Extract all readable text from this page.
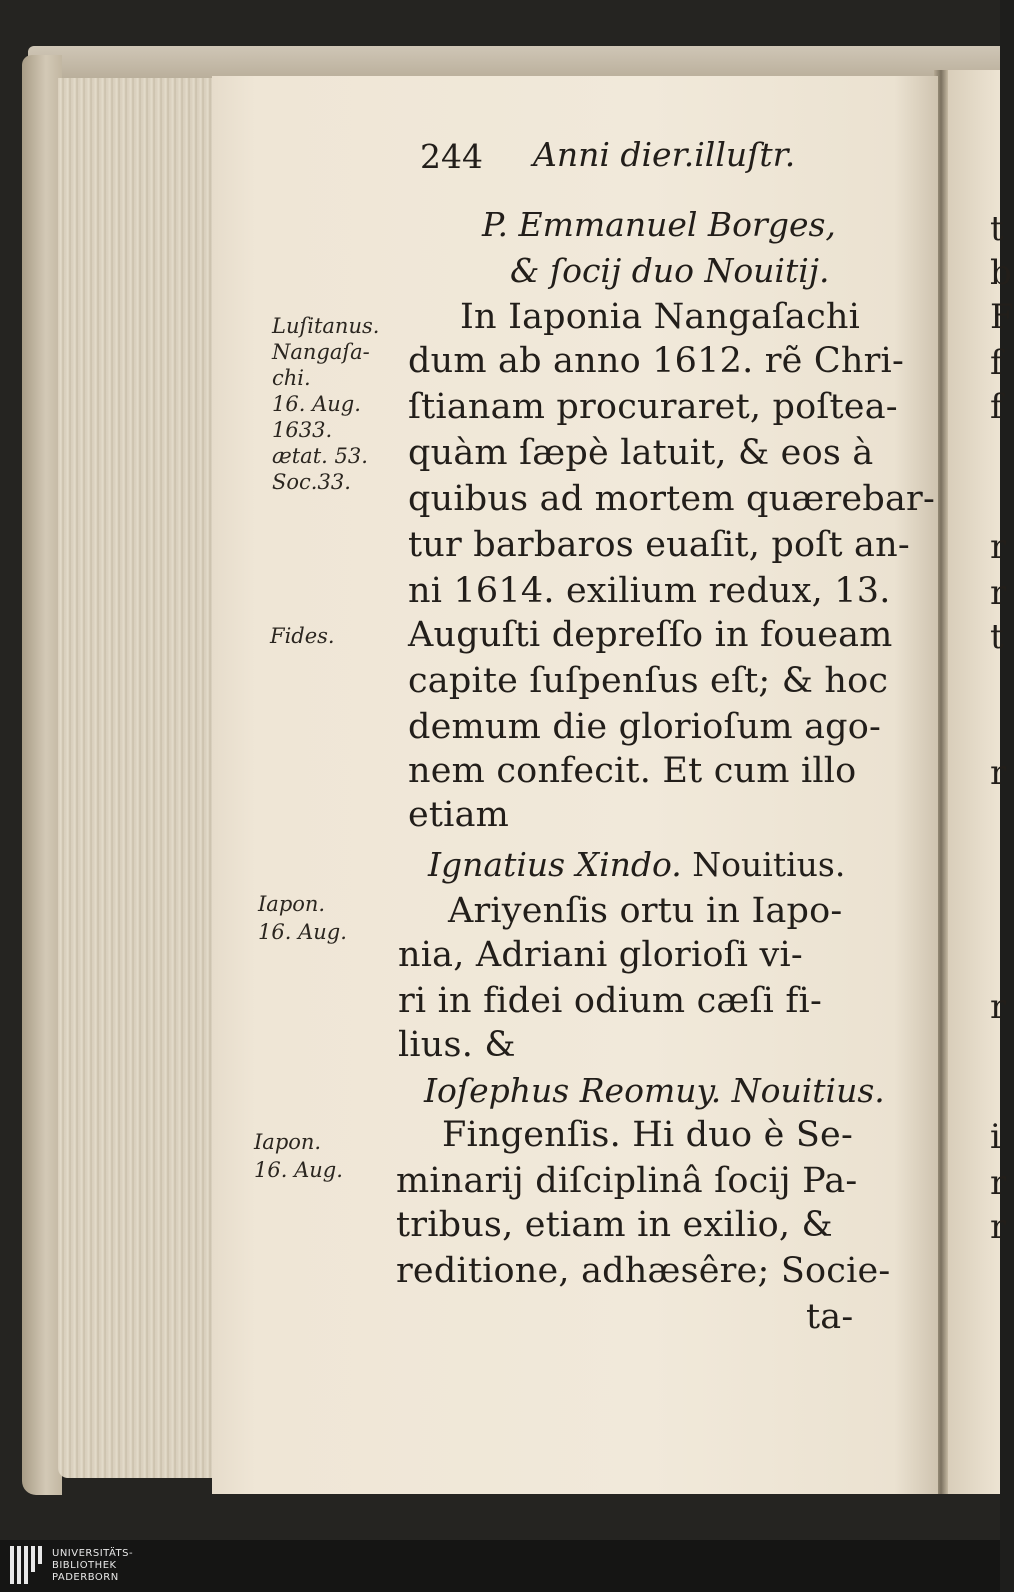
t
b
F
f
f
r
r
t
r
r
i
r
r
244 Anni dier.illuſtr.
P. Emmanuel Borges,
& ſocij duo Nouitij.
In Iaponia Nangaſachi
dum ab anno 1612. rẽ Chri-
ſtianam procuraret, poſtea-
quàm ſæpè latuit, & eos à
quibus ad mortem quærebar-
tur barbaros euaſit, poſt an-
ni 1614. exilium redux, 13.
Auguſti depreſſo in foueam
capite ſuſpenſus eſt; & hoc
demum die glorioſum ago-
nem confecit. Et cum illo
etiam
Luſitanus.
Nangaſa-
chi.
16. Aug.
1633.
ætat. 53.
Soc.33.
Fides.
Ignatius Xindo. Nouitius.
Ariyenſis ortu in Iapo-
nia, Adriani glorioſi vi-
ri in fidei odium cæſi fi-
lius. &
Iapon.
16. Aug.
Ioſephus Reomuy. Nouitius.
Fingenſis. Hi duo è Se-
minarij diſciplinâ ſocij Pa-
tribus, etiam in exilio, &
reditione, adhæsêre; Socie-
Iapon.
16. Aug.
ta-
UNIVERSITÄTS-
BIBLIOTHEK
PADERBORN
